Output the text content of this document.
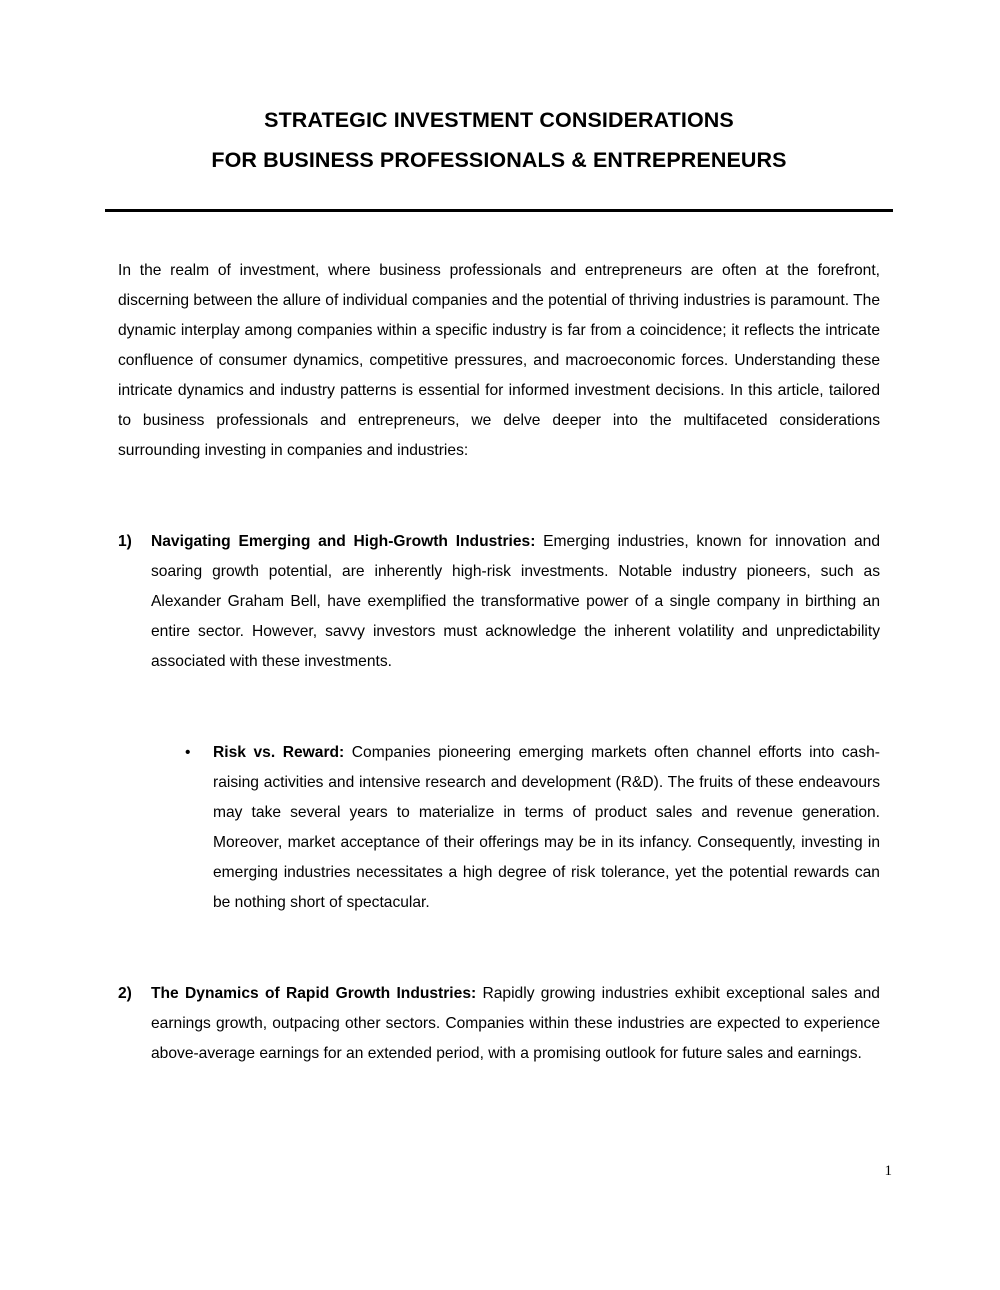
STRATEGIC INVESTMENT CONSIDERATIONS
FOR BUSINESS PROFESSIONALS & ENTREPRENEURS

In the realm of investment, where business professionals and entrepreneurs are often at the forefront, discerning between the allure of individual companies and the potential of thriving industries is paramount. The dynamic interplay among companies within a specific industry is far from a coincidence; it reflects the intricate confluence of consumer dynamics, competitive pressures, and macroeconomic forces. Understanding these intricate dynamics and industry patterns is essential for informed investment decisions. In this article, tailored to business professionals and entrepreneurs, we delve deeper into the multifaceted considerations surrounding investing in companies and industries:

1) Navigating Emerging and High-Growth Industries: Emerging industries, known for innovation and soaring growth potential, are inherently high-risk investments. Notable industry pioneers, such as Alexander Graham Bell, have exemplified the transformative power of a single company in birthing an entire sector. However, savvy investors must acknowledge the inherent volatility and unpredictability associated with these investments.
• Risk vs. Reward: Companies pioneering emerging markets often channel efforts into cash-raising activities and intensive research and development (R&D). The fruits of these endeavours may take several years to materialize in terms of product sales and revenue generation. Moreover, market acceptance of their offerings may be in its infancy. Consequently, investing in emerging industries necessitates a high degree of risk tolerance, yet the potential rewards can be nothing short of spectacular.
2) The Dynamics of Rapid Growth Industries: Rapidly growing industries exhibit exceptional sales and earnings growth, outpacing other sectors. Companies within these industries are expected to experience above-average earnings for an extended period, with a promising outlook for future sales and earnings.
1
